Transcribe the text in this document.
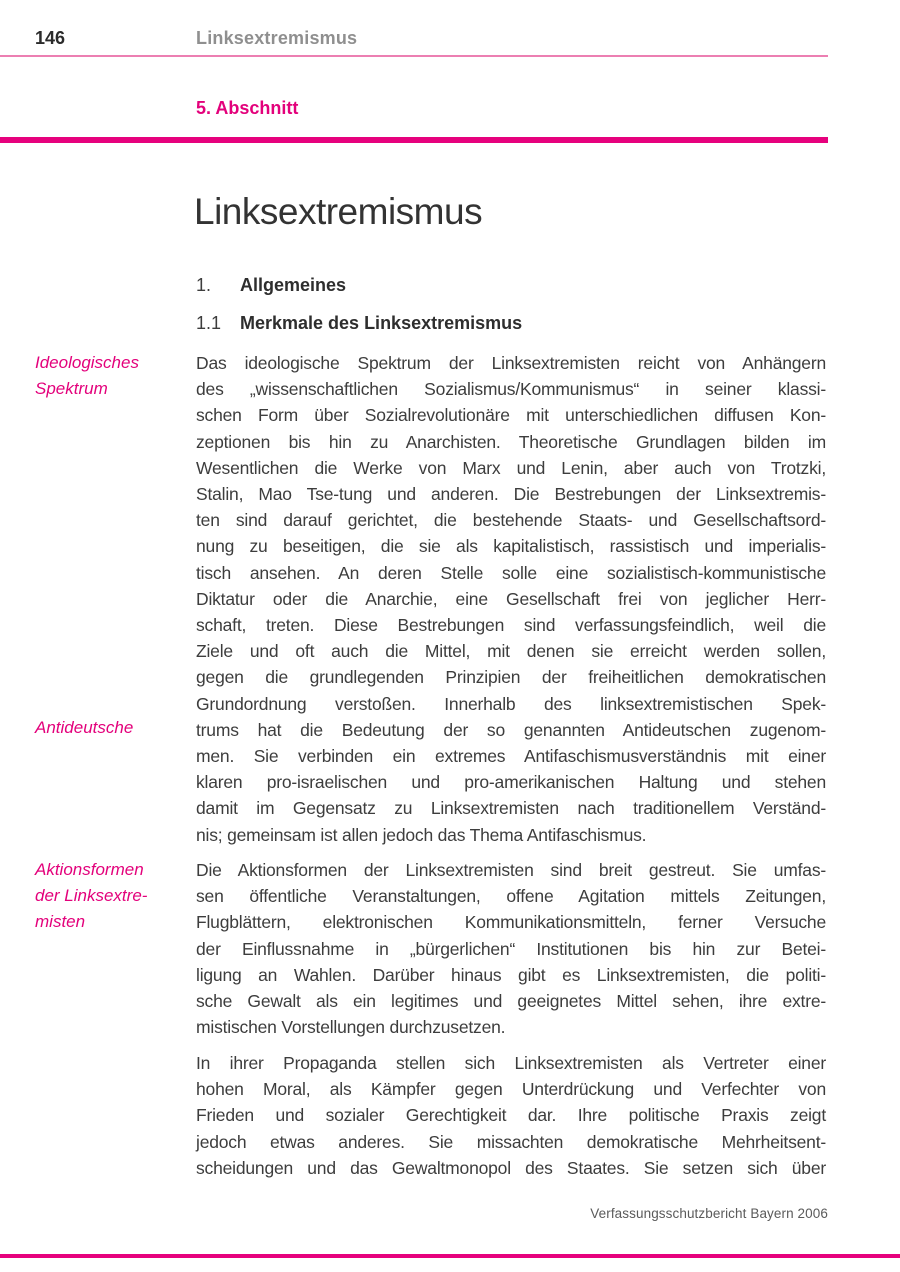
146	Linksextremismus
5. Abschnitt
Linksextremismus
1. Allgemeines
1.1 Merkmale des Linksextremismus
Ideologisches
Spektrum
Antideutsche
Aktionsformen
der Linksextre-
misten
Das ideologische Spektrum der Linksextremisten reicht von Anhängern
des „wissenschaftlichen Sozialismus/Kommunismus“ in seiner klassi-
schen Form über Sozialrevolutionäre mit unterschiedlichen diffusen Kon-
zeptionen bis hin zu Anarchisten. Theoretische Grundlagen bilden im
Wesentlichen die Werke von Marx und Lenin, aber auch von Trotzki,
Stalin, Mao Tse-tung und anderen. Die Bestrebungen der Linksextremis-
ten sind darauf gerichtet, die bestehende Staats- und Gesellschaftsord-
nung zu beseitigen, die sie als kapitalistisch, rassistisch und imperialis-
tisch ansehen. An deren Stelle solle eine sozialistisch-kommunistische
Diktatur oder die Anarchie, eine Gesellschaft frei von jeglicher Herr-
schaft, treten. Diese Bestrebungen sind verfassungsfeindlich, weil die
Ziele und oft auch die Mittel, mit denen sie erreicht werden sollen,
gegen die grundlegenden Prinzipien der freiheitlichen demokratischen
Grundordnung verstoßen. Innerhalb des linksextremistischen Spek-
trums hat die Bedeutung der so genannten Antideutschen zugenom-
men. Sie verbinden ein extremes Antifaschismusverständnis mit einer
klaren pro-israelischen und pro-amerikanischen Haltung und stehen
damit im Gegensatz zu Linksextremisten nach traditionellem Verständ-
nis; gemeinsam ist allen jedoch das Thema Antifaschismus.
Die Aktionsformen der Linksextremisten sind breit gestreut. Sie umfas-
sen öffentliche Veranstaltungen, offene Agitation mittels Zeitungen,
Flugblättern, elektronischen Kommunikationsmitteln, ferner Versuche
der Einflussnahme in „bürgerlichen“ Institutionen bis hin zur Betei-
ligung an Wahlen. Darüber hinaus gibt es Linksextremisten, die politi-
sche Gewalt als ein legitimes und geeignetes Mittel sehen, ihre extre-
mistischen Vorstellungen durchzusetzen.
In ihrer Propaganda stellen sich Linksextremisten als Vertreter einer
hohen Moral, als Kämpfer gegen Unterdrückung und Verfechter von
Frieden und sozialer Gerechtigkeit dar. Ihre politische Praxis zeigt
jedoch etwas anderes. Sie missachten demokratische Mehrheitsent-
scheidungen und das Gewaltmonopol des Staates. Sie setzen sich über
Verfassungsschutzbericht Bayern 2006
